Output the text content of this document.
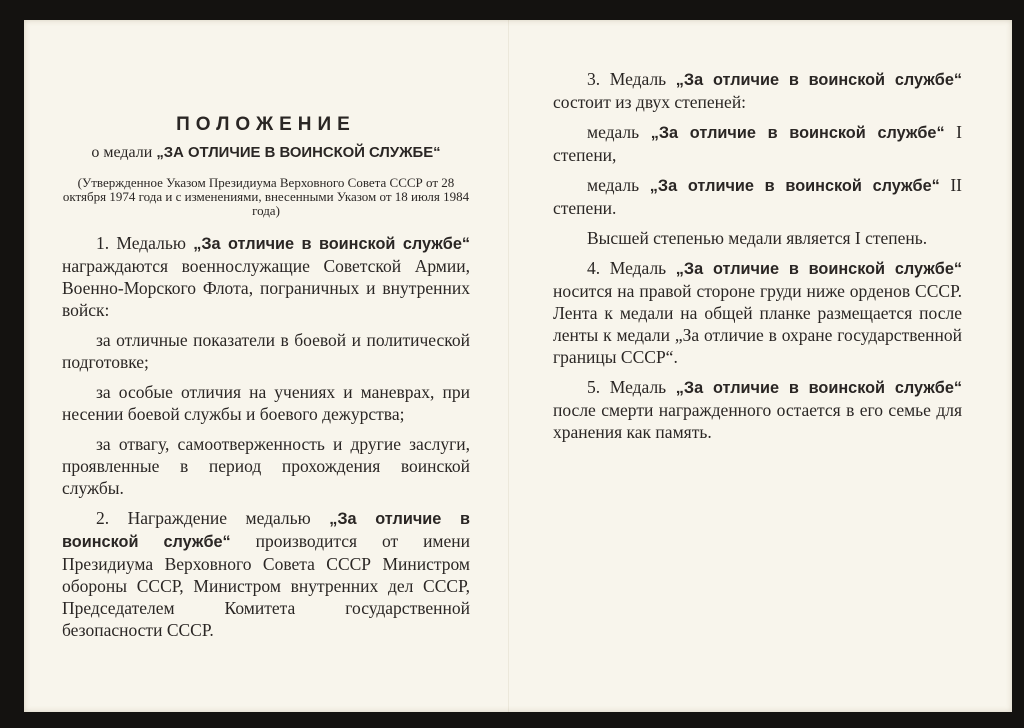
ПОЛОЖЕНИЕ

о медали „ЗА ОТЛИЧИЕ В ВОИНСКОЙ СЛУЖБЕ“

(Утвержденное Указом Президиума Верховного Совета СССР от 28 октября 1974 года и с изменениями, внесенными Указом от 18 июля 1984 года)

1. Медалью „За отличие в воинской службе“ награждаются военнослужащие Советской Армии, Военно-Морского Флота, пограничных и внутренних войск:

за отличные показатели в боевой и политической подготовке;

за особые отличия на учениях и маневрах, при несении боевой службы и боевого дежурства;

за отвагу, самоотверженность и другие заслуги, проявленные в период прохождения воинской службы.

2. Награждение медалью „За отличие в воинской службе“ производится от имени Президиума Верховного Совета СССР Министром обороны СССР, Министром внутренних дел СССР, Председателем Комитета государственной безопасности СССР.

3. Медаль „За отличие в воинской службе“ состоит из двух степеней:

медаль „За отличие в воинской службе“ I степени,

медаль „За отличие в воинской службе“ II степени.

Высшей степенью медали является I степень.

4. Медаль „За отличие в воинской службе“ носится на правой стороне груди ниже орденов СССР. Лента к медали на общей планке размещается после ленты к медали „За отличие в охране государственной границы СССР“.

5. Медаль „За отличие в воинской службе“ после смерти награжденного остается в его семье для хранения как память.
